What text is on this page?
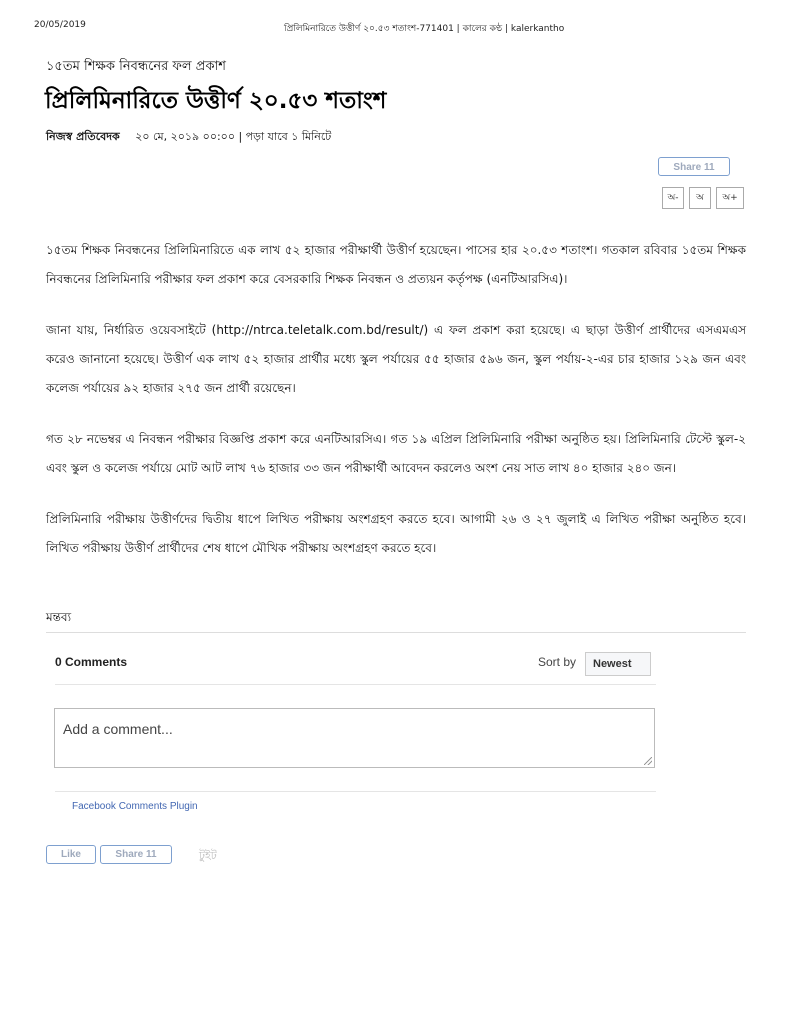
20/05/2019	প্রিলিমিনারিতে উত্তীর্ণ ২০.৫৩ শতাংশ-771401 | কালের কণ্ঠ | kalerkantho
১৫তম শিক্ষক নিবন্ধনের ফল প্রকাশ
প্রিলিমিনারিতে উত্তীর্ণ ২০.৫৩ শতাংশ
নিজস্ব প্রতিবেদক ২০ মে, ২০১৯ ০০:০০ | পড়া যাবে ১ মিনিটে
Share 11
অ-	অ	অ+

১৫তম শিক্ষক নিবন্ধনের প্রিলিমিনারিতে এক লাখ ৫২ হাজার পরীক্ষার্থী উত্তীর্ণ হয়েছেন। পাসের হার ২০.৫৩ শতাংশ। গতকাল রবিবার ১৫তম শিক্ষক নিবন্ধনের প্রিলিমিনারি পরীক্ষার ফল প্রকাশ করে বেসরকারি শিক্ষক নিবন্ধন ও প্রত্যয়ন কর্তৃপক্ষ (এনটিআরসিএ)।

জানা যায়, নির্ধারিত ওয়েবসাইটে (http://ntrca.teletalk.com.bd/result/) এ ফল প্রকাশ করা হয়েছে। এ ছাড়া উত্তীর্ণ প্রার্থীদের এসএমএস করেও জানানো হয়েছে। উত্তীর্ণ এক লাখ ৫২ হাজার প্রার্থীর মধ্যে স্কুল পর্যায়ের ৫৫ হাজার ৫৯৬ জন, স্কুল পর্যায়-২-এর চার হাজার ১২৯ জন এবং কলেজ পর্যায়ের ৯২ হাজার ২৭৫ জন প্রার্থী রয়েছেন।

গত ২৮ নভেম্বর এ নিবন্ধন পরীক্ষার বিজ্ঞপ্তি প্রকাশ করে এনটিআরসিএ। গত ১৯ এপ্রিল প্রিলিমিনারি পরীক্ষা অনুষ্ঠিত হয়। প্রিলিমিনারি টেস্টে স্কুল-২ এবং স্কুল ও কলেজ পর্যায়ে মোট আট লাখ ৭৬ হাজার ৩৩ জন পরীক্ষার্থী আবেদন করলেও অংশ নেয় সাত লাখ ৪০ হাজার ২৪০ জন।

প্রিলিমিনারি পরীক্ষায় উত্তীর্ণদের দ্বিতীয় ধাপে লিখিত পরীক্ষায় অংশগ্রহণ করতে হবে। আগামী ২৬ ও ২৭ জুলাই এ লিখিত পরীক্ষা অনুষ্ঠিত হবে। লিখিত পরীক্ষায় উত্তীর্ণ প্রার্থীদের শেষ ধাপে মৌখিক পরীক্ষায় অংশগ্রহণ করতে হবে।

মন্তব্য
0 Comments	Sort by	Newest
Add a comment...
Facebook Comments Plugin
Like	Share 11	টুইট
